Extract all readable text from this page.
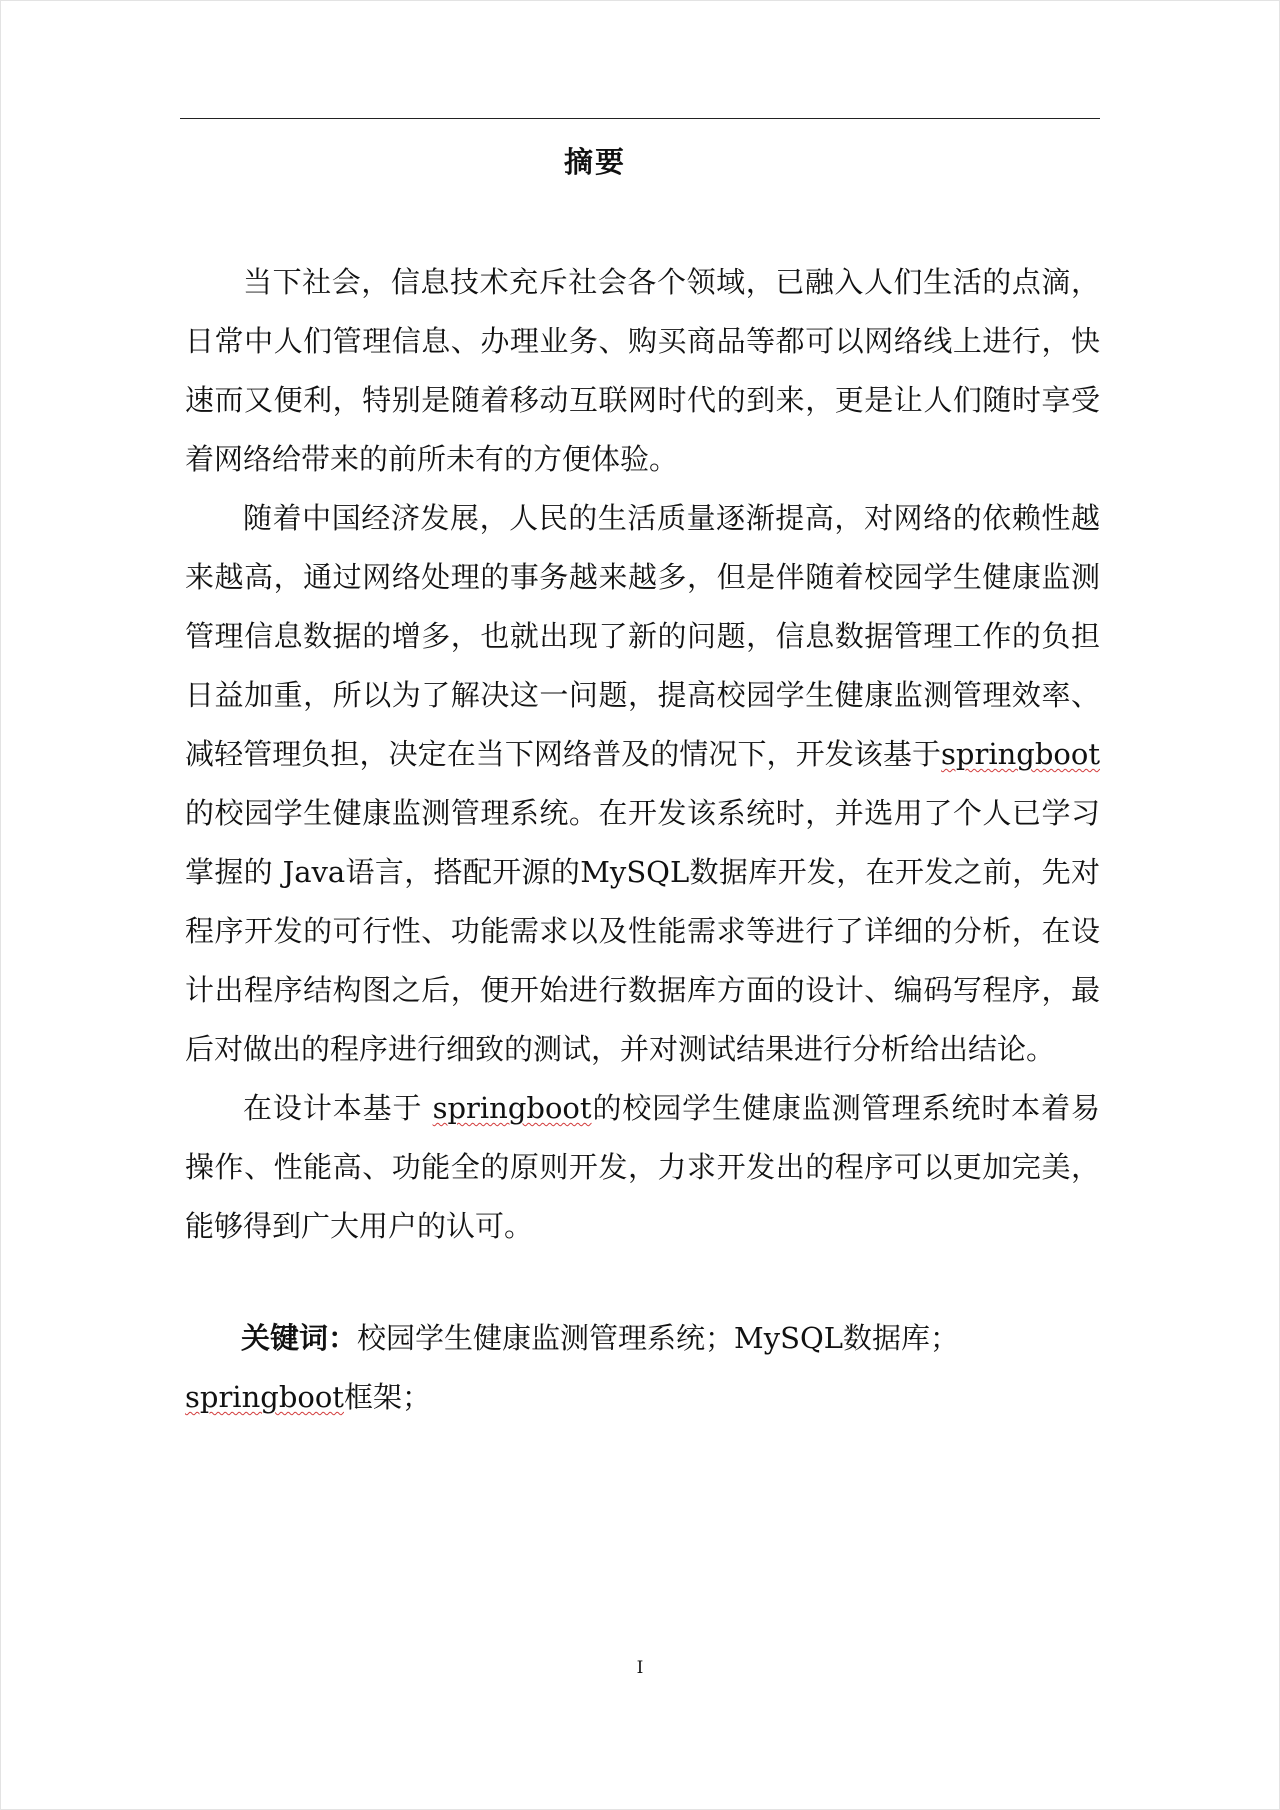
摘要

当下社会，信息技术充斥社会各个领域，已融入人们生活的点滴，日常中人们管理信息、办理业务、购买商品等都可以网络线上进行，快速而又便利，特别是随着移动互联网时代的到来，更是让人们随时享受着网络给带来的前所未有的方便体验。

随着中国经济发展，人民的生活质量逐渐提高，对网络的依赖性越来越高，通过网络处理的事务越来越多，但是伴随着校园学生健康监测管理信息数据的增多，也就出现了新的问题，信息数据管理工作的负担日益加重，所以为了解决这一问题，提高校园学生健康监测管理效率、减轻管理负担，决定在当下网络普及的情况下，开发该基于springboot的校园学生健康监测管理系统。在开发该系统时，并选用了个人已学习掌握的 Java语言，搭配开源的MySQL数据库开发，在开发之前，先对程序开发的可行性、功能需求以及性能需求等进行了详细的分析，在设计出程序结构图之后，便开始进行数据库方面的设计、编码写程序，最后对做出的程序进行细致的测试，并对测试结果进行分析给出结论。

在设计本基于 springboot的校园学生健康监测管理系统时本着易操作、性能高、功能全的原则开发，力求开发出的程序可以更加完美，能够得到广大用户的认可。

关键词：校园学生健康监测管理系统；MySQL数据库； springboot框架；
I
